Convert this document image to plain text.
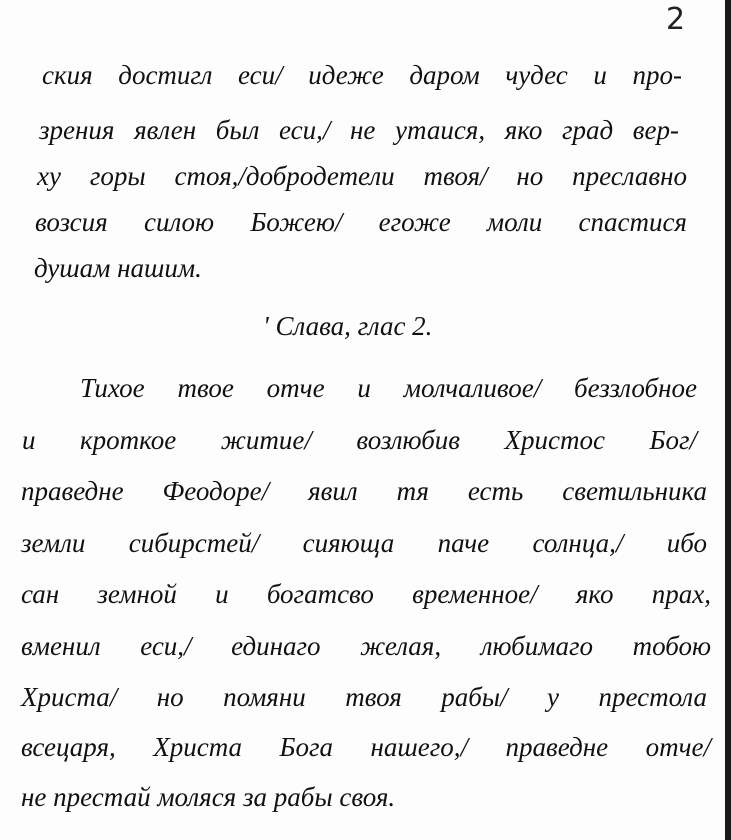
2
ския достигл еси/ идеже даром чудес и про-
зрения явлен был еси,/ не утаися, яко град вер-
ху горы стоя,/добродетели твоя/ но преславно
возсия силою Божею/ егоже моли спастися
душам нашим.
' Слава, глас 2.
Тихое твое отче и молчаливое/ беззлобное
и кроткое житие/ возлюбив Христос Бог/
праведне Феодоре/ явил тя есть светильника
земли сибирстей/ сияюща паче солнца,/ ибо
сан земной и богатсво временное/ яко прах,
вменил еси,/ единаго желая, любимаго тобою
Христа/ но помяни твоя рабы/ у престола
всецаря, Христа Бога нашего,/ праведне отче/
не престай моляся за рабы своя.
